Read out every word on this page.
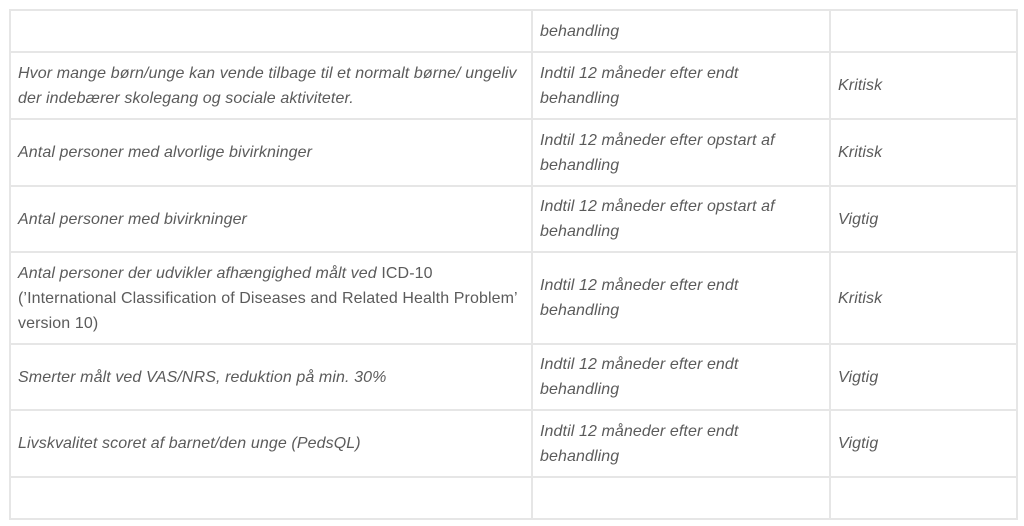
	behandling	
Hvor mange børn/unge kan vende tilbage til et normalt børne/ ungeliv der indebærer skolegang og sociale aktiviteter.	Indtil 12 måneder efter endt behandling	Kritisk
Antal personer med alvorlige bivirkninger	Indtil 12 måneder efter opstart af behandling	Kritisk
Antal personer med bivirkninger	Indtil 12 måneder efter opstart af behandling	Vigtig
Antal personer der udvikler afhængighed målt ved ICD-10 (’International Classification of Diseases and Related Health Problem’ version 10)	Indtil 12 måneder efter endt behandling	Kritisk
Smerter målt ved VAS/NRS, reduktion på min. 30%	Indtil 12 måneder efter endt behandling	Vigtig
Livskvalitet scoret af barnet/den unge (PedsQL)	Indtil 12 måneder efter endt behandling	Vigtig
